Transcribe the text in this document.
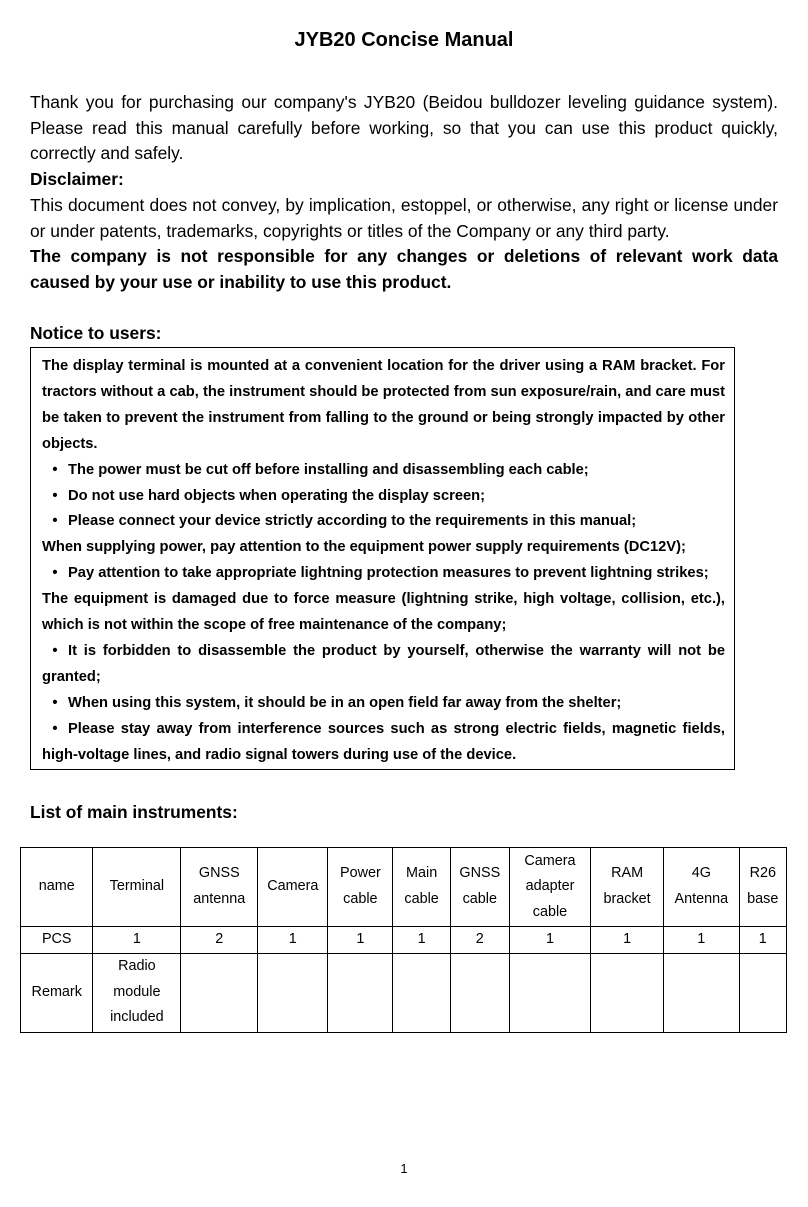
JYB20 Concise Manual

Thank you for purchasing our company's JYB20 (Beidou bulldozer leveling guidance system). Please read this manual carefully before working, so that you can use this product quickly, correctly and safely.

Disclaimer:

This document does not convey, by implication, estoppel, or otherwise, any right or license under or under patents, trademarks, copyrights or titles of the Company or any third party.

The company is not responsible for any changes or deletions of relevant work data caused by your use or inability to use this product.

Notice to users:

The display terminal is mounted at a convenient location for the driver using a RAM bracket. For tractors without a cab, the instrument should be protected from sun exposure/rain, and care must be taken to prevent the instrument from falling to the ground or being strongly impacted by other objects.

• The power must be cut off before installing and disassembling each cable;

• Do not use hard objects when operating the display screen;

• Please connect your device strictly according to the requirements in this manual;

When supplying power, pay attention to the equipment power supply requirements (DC12V);

• Pay attention to take appropriate lightning protection measures to prevent lightning strikes;

The equipment is damaged due to force measure (lightning strike, high voltage, collision, etc.), which is not within the scope of free maintenance of the company;

• It is forbidden to disassemble the product by yourself, otherwise the warranty will not be granted;

• When using this system, it should be in an open field far away from the shelter;

• Please stay away from interference sources such as strong electric fields, magnetic fields, high-voltage lines, and radio signal towers during use of the device.

List of main instruments:
name	Terminal	GNSS antenna	Camera	Power cable	Main cable	GNSS cable	Camera adapter cable	RAM bracket	4G Antenna	R26 base
PCS	1	2	1	1	1	2	1	1	1	1
Remark	Radio module included									
1
